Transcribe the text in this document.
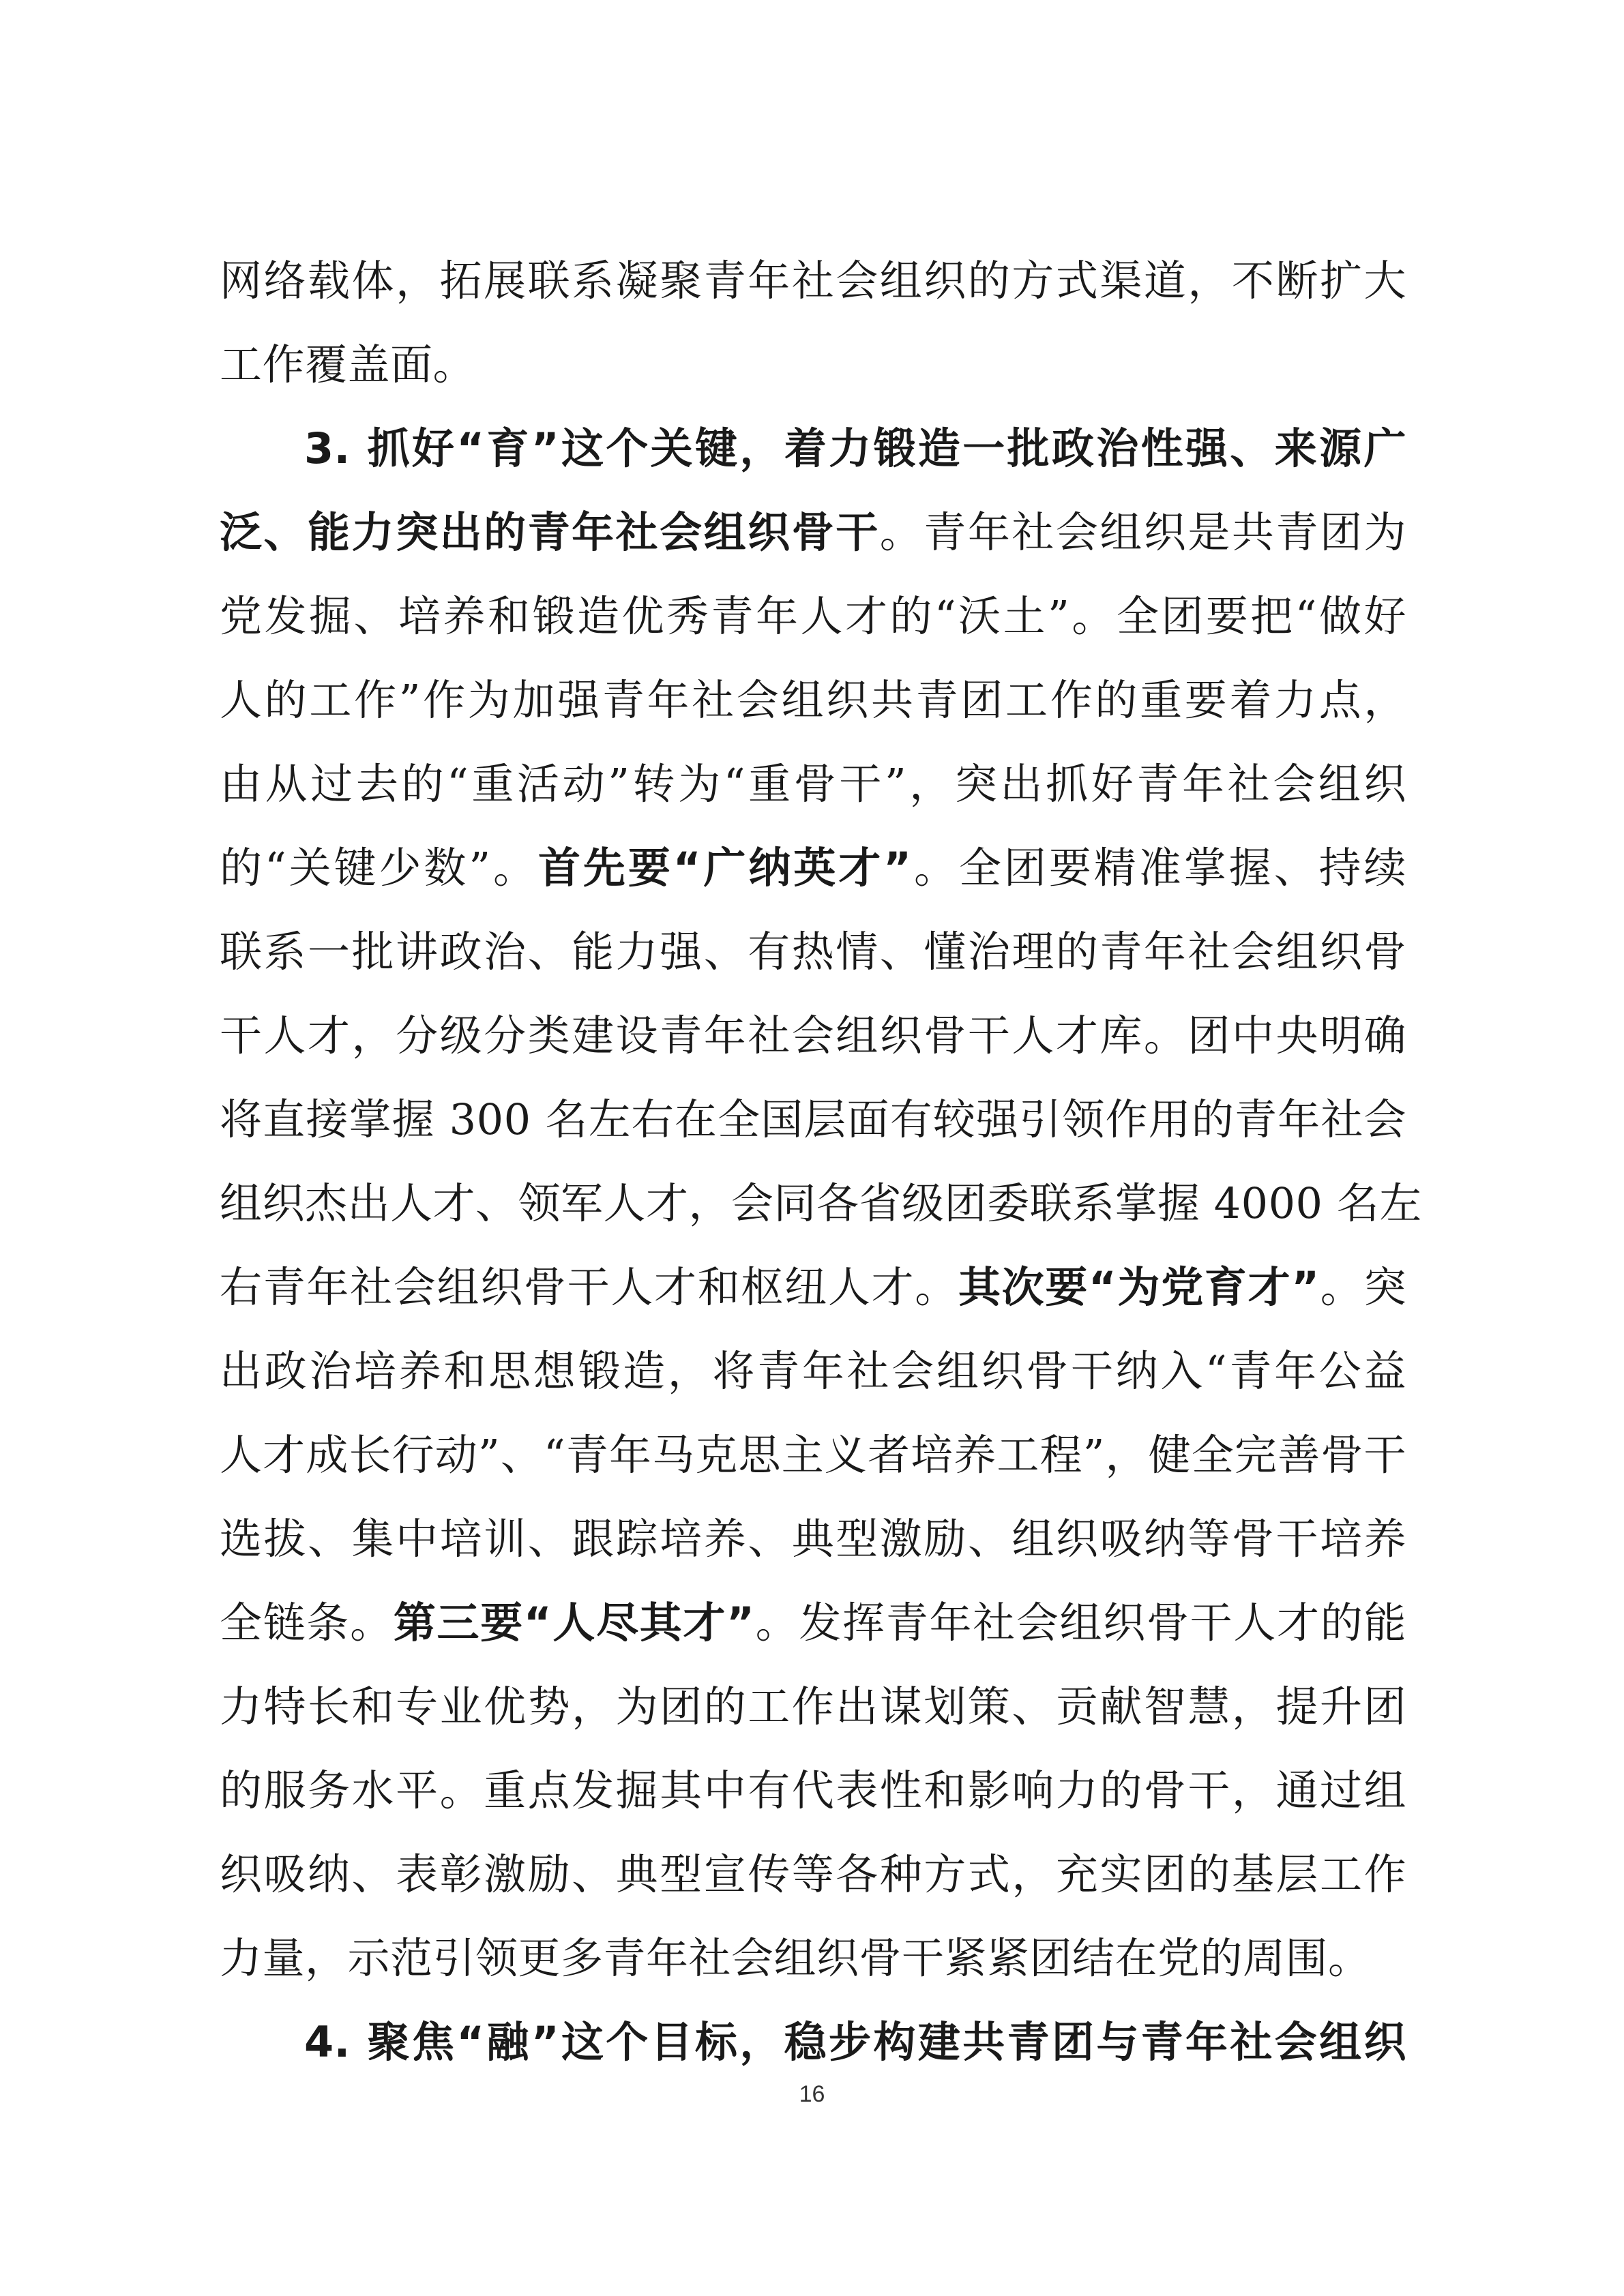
网络载体，拓展联系凝聚青年社会组织的方式渠道，不断扩大
工作覆盖面。
3. 抓好“育”这个关键，着力锻造一批政治性强、来源广
泛、能力突出的青年社会组织骨干。青年社会组织是共青团为
党发掘、培养和锻造优秀青年人才的“沃土”。全团要把“做好
人的工作”作为加强青年社会组织共青团工作的重要着力点，
由从过去的“重活动”转为“重骨干”，突出抓好青年社会组织
的“关键少数”。首先要“广纳英才”。全团要精准掌握、持续
联系一批讲政治、能力强、有热情、懂治理的青年社会组织骨
干人才，分级分类建设青年社会组织骨干人才库。团中央明确
将直接掌握 300 名左右在全国层面有较强引领作用的青年社会
组织杰出人才、领军人才，会同各省级团委联系掌握 4000 名左
右青年社会组织骨干人才和枢纽人才。其次要“为党育才”。突
出政治培养和思想锻造，将青年社会组织骨干纳入“青年公益
人才成长行动”、“青年马克思主义者培养工程”，健全完善骨干
选拔、集中培训、跟踪培养、典型激励、组织吸纳等骨干培养
全链条。第三要“人尽其才”。发挥青年社会组织骨干人才的能
力特长和专业优势，为团的工作出谋划策、贡献智慧，提升团
的服务水平。重点发掘其中有代表性和影响力的骨干，通过组
织吸纳、表彰激励、典型宣传等各种方式，充实团的基层工作
力量，示范引领更多青年社会组织骨干紧紧团结在党的周围。
4. 聚焦“融”这个目标，稳步构建共青团与青年社会组织
16
